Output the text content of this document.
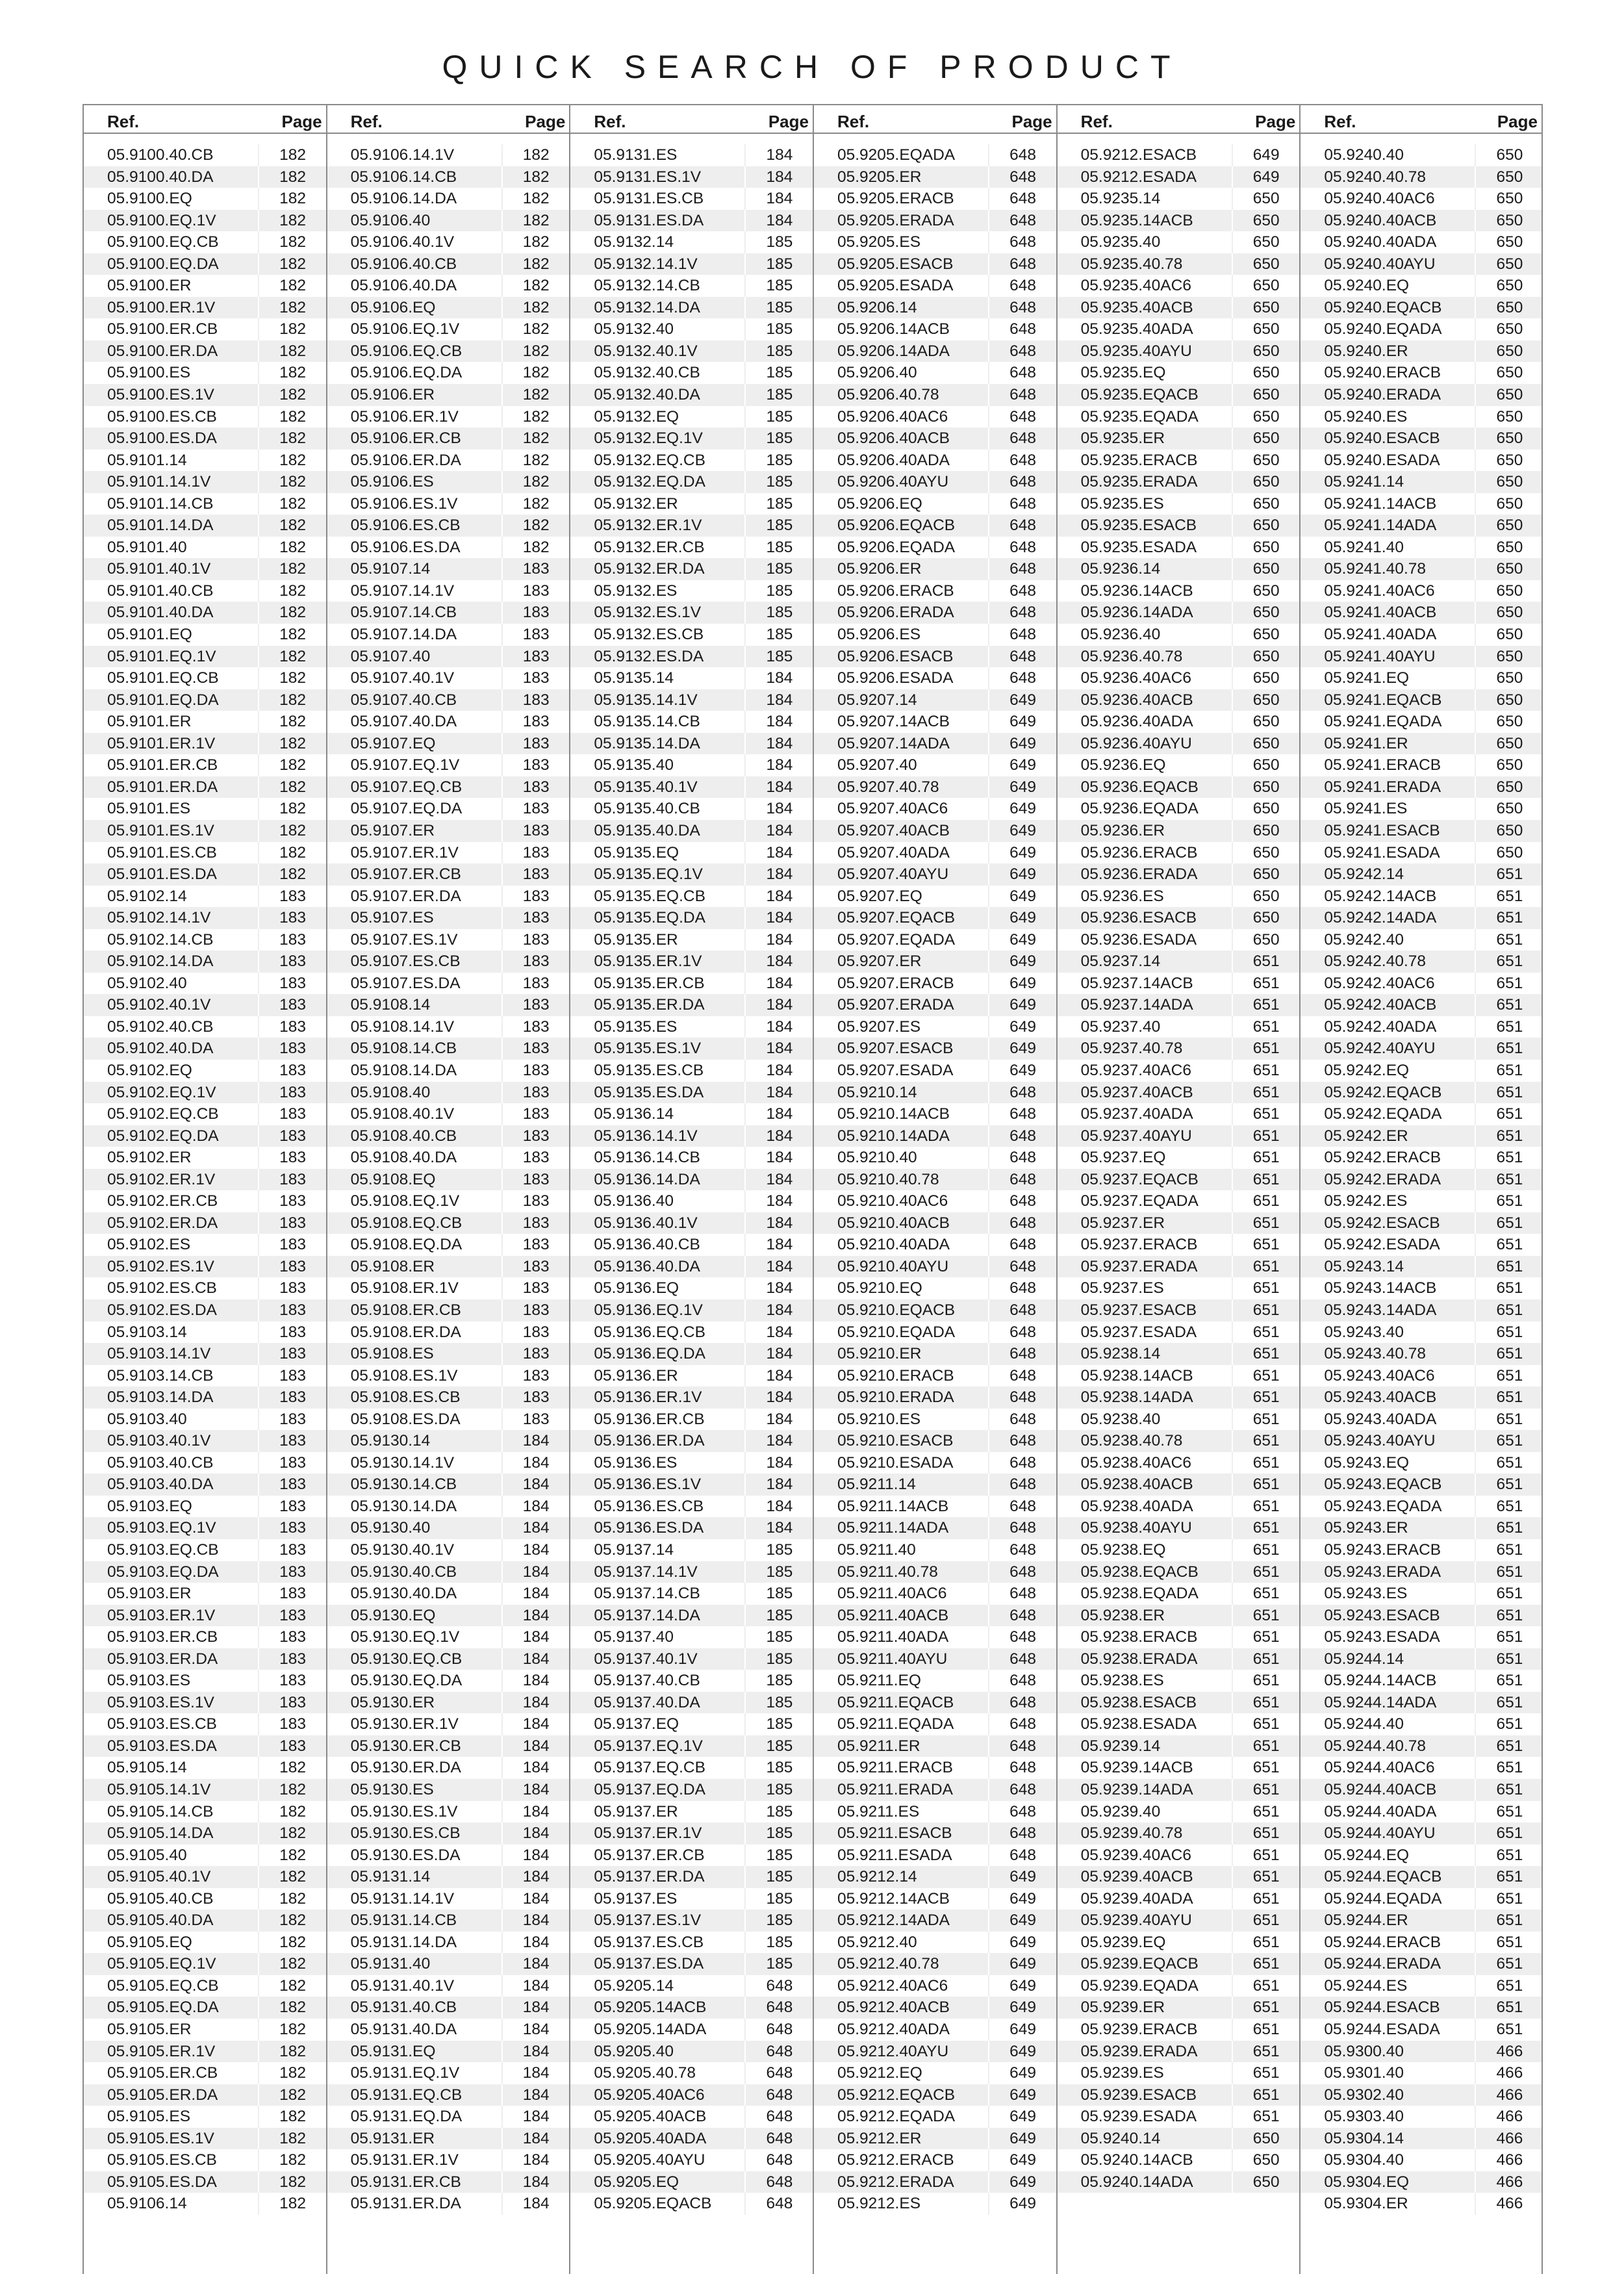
QUICK SEARCH OF PRODUCT
Ref.	Page
05.9100.40.CB	182
05.9100.40.DA	182
05.9100.EQ	182
05.9100.EQ.1V	182
05.9100.EQ.CB	182
05.9100.EQ.DA	182
05.9100.ER	182
05.9100.ER.1V	182
05.9100.ER.CB	182
05.9100.ER.DA	182
05.9100.ES	182
05.9100.ES.1V	182
05.9100.ES.CB	182
05.9100.ES.DA	182
05.9101.14	182
05.9101.14.1V	182
05.9101.14.CB	182
05.9101.14.DA	182
05.9101.40	182
05.9101.40.1V	182
05.9101.40.CB	182
05.9101.40.DA	182
05.9101.EQ	182
05.9101.EQ.1V	182
05.9101.EQ.CB	182
05.9101.EQ.DA	182
05.9101.ER	182
05.9101.ER.1V	182
05.9101.ER.CB	182
05.9101.ER.DA	182
05.9101.ES	182
05.9101.ES.1V	182
05.9101.ES.CB	182
05.9101.ES.DA	182
05.9102.14	183
05.9102.14.1V	183
05.9102.14.CB	183
05.9102.14.DA	183
05.9102.40	183
05.9102.40.1V	183
05.9102.40.CB	183
05.9102.40.DA	183
05.9102.EQ	183
05.9102.EQ.1V	183
05.9102.EQ.CB	183
05.9102.EQ.DA	183
05.9102.ER	183
05.9102.ER.1V	183
05.9102.ER.CB	183
05.9102.ER.DA	183
05.9102.ES	183
05.9102.ES.1V	183
05.9102.ES.CB	183
05.9102.ES.DA	183
05.9103.14	183
05.9103.14.1V	183
05.9103.14.CB	183
05.9103.14.DA	183
05.9103.40	183
05.9103.40.1V	183
05.9103.40.CB	183
05.9103.40.DA	183
05.9103.EQ	183
05.9103.EQ.1V	183
05.9103.EQ.CB	183
05.9103.EQ.DA	183
05.9103.ER	183
05.9103.ER.1V	183
05.9103.ER.CB	183
05.9103.ER.DA	183
05.9103.ES	183
05.9103.ES.1V	183
05.9103.ES.CB	183
05.9103.ES.DA	183
05.9105.14	182
05.9105.14.1V	182
05.9105.14.CB	182
05.9105.14.DA	182
05.9105.40	182
05.9105.40.1V	182
05.9105.40.CB	182
05.9105.40.DA	182
05.9105.EQ	182
05.9105.EQ.1V	182
05.9105.EQ.CB	182
05.9105.EQ.DA	182
05.9105.ER	182
05.9105.ER.1V	182
05.9105.ER.CB	182
05.9105.ER.DA	182
05.9105.ES	182
05.9105.ES.1V	182
05.9105.ES.CB	182
05.9105.ES.DA	182
05.9106.14	182
Ref.	Page
05.9106.14.1V	182
05.9106.14.CB	182
05.9106.14.DA	182
05.9106.40	182
05.9106.40.1V	182
05.9106.40.CB	182
05.9106.40.DA	182
05.9106.EQ	182
05.9106.EQ.1V	182
05.9106.EQ.CB	182
05.9106.EQ.DA	182
05.9106.ER	182
05.9106.ER.1V	182
05.9106.ER.CB	182
05.9106.ER.DA	182
05.9106.ES	182
05.9106.ES.1V	182
05.9106.ES.CB	182
05.9106.ES.DA	182
05.9107.14	183
05.9107.14.1V	183
05.9107.14.CB	183
05.9107.14.DA	183
05.9107.40	183
05.9107.40.1V	183
05.9107.40.CB	183
05.9107.40.DA	183
05.9107.EQ	183
05.9107.EQ.1V	183
05.9107.EQ.CB	183
05.9107.EQ.DA	183
05.9107.ER	183
05.9107.ER.1V	183
05.9107.ER.CB	183
05.9107.ER.DA	183
05.9107.ES	183
05.9107.ES.1V	183
05.9107.ES.CB	183
05.9107.ES.DA	183
05.9108.14	183
05.9108.14.1V	183
05.9108.14.CB	183
05.9108.14.DA	183
05.9108.40	183
05.9108.40.1V	183
05.9108.40.CB	183
05.9108.40.DA	183
05.9108.EQ	183
05.9108.EQ.1V	183
05.9108.EQ.CB	183
05.9108.EQ.DA	183
05.9108.ER	183
05.9108.ER.1V	183
05.9108.ER.CB	183
05.9108.ER.DA	183
05.9108.ES	183
05.9108.ES.1V	183
05.9108.ES.CB	183
05.9108.ES.DA	183
05.9130.14	184
05.9130.14.1V	184
05.9130.14.CB	184
05.9130.14.DA	184
05.9130.40	184
05.9130.40.1V	184
05.9130.40.CB	184
05.9130.40.DA	184
05.9130.EQ	184
05.9130.EQ.1V	184
05.9130.EQ.CB	184
05.9130.EQ.DA	184
05.9130.ER	184
05.9130.ER.1V	184
05.9130.ER.CB	184
05.9130.ER.DA	184
05.9130.ES	184
05.9130.ES.1V	184
05.9130.ES.CB	184
05.9130.ES.DA	184
05.9131.14	184
05.9131.14.1V	184
05.9131.14.CB	184
05.9131.14.DA	184
05.9131.40	184
05.9131.40.1V	184
05.9131.40.CB	184
05.9131.40.DA	184
05.9131.EQ	184
05.9131.EQ.1V	184
05.9131.EQ.CB	184
05.9131.EQ.DA	184
05.9131.ER	184
05.9131.ER.1V	184
05.9131.ER.CB	184
05.9131.ER.DA	184
Ref.	Page
05.9131.ES	184
05.9131.ES.1V	184
05.9131.ES.CB	184
05.9131.ES.DA	184
05.9132.14	185
05.9132.14.1V	185
05.9132.14.CB	185
05.9132.14.DA	185
05.9132.40	185
05.9132.40.1V	185
05.9132.40.CB	185
05.9132.40.DA	185
05.9132.EQ	185
05.9132.EQ.1V	185
05.9132.EQ.CB	185
05.9132.EQ.DA	185
05.9132.ER	185
05.9132.ER.1V	185
05.9132.ER.CB	185
05.9132.ER.DA	185
05.9132.ES	185
05.9132.ES.1V	185
05.9132.ES.CB	185
05.9132.ES.DA	185
05.9135.14	184
05.9135.14.1V	184
05.9135.14.CB	184
05.9135.14.DA	184
05.9135.40	184
05.9135.40.1V	184
05.9135.40.CB	184
05.9135.40.DA	184
05.9135.EQ	184
05.9135.EQ.1V	184
05.9135.EQ.CB	184
05.9135.EQ.DA	184
05.9135.ER	184
05.9135.ER.1V	184
05.9135.ER.CB	184
05.9135.ER.DA	184
05.9135.ES	184
05.9135.ES.1V	184
05.9135.ES.CB	184
05.9135.ES.DA	184
05.9136.14	184
05.9136.14.1V	184
05.9136.14.CB	184
05.9136.14.DA	184
05.9136.40	184
05.9136.40.1V	184
05.9136.40.CB	184
05.9136.40.DA	184
05.9136.EQ	184
05.9136.EQ.1V	184
05.9136.EQ.CB	184
05.9136.EQ.DA	184
05.9136.ER	184
05.9136.ER.1V	184
05.9136.ER.CB	184
05.9136.ER.DA	184
05.9136.ES	184
05.9136.ES.1V	184
05.9136.ES.CB	184
05.9136.ES.DA	184
05.9137.14	185
05.9137.14.1V	185
05.9137.14.CB	185
05.9137.14.DA	185
05.9137.40	185
05.9137.40.1V	185
05.9137.40.CB	185
05.9137.40.DA	185
05.9137.EQ	185
05.9137.EQ.1V	185
05.9137.EQ.CB	185
05.9137.EQ.DA	185
05.9137.ER	185
05.9137.ER.1V	185
05.9137.ER.CB	185
05.9137.ER.DA	185
05.9137.ES	185
05.9137.ES.1V	185
05.9137.ES.CB	185
05.9137.ES.DA	185
05.9205.14	648
05.9205.14ACB	648
05.9205.14ADA	648
05.9205.40	648
05.9205.40.78	648
05.9205.40AC6	648
05.9205.40ACB	648
05.9205.40ADA	648
05.9205.40AYU	648
05.9205.EQ	648
05.9205.EQACB	648
Ref.	Page
05.9205.EQADA	648
05.9205.ER	648
05.9205.ERACB	648
05.9205.ERADA	648
05.9205.ES	648
05.9205.ESACB	648
05.9205.ESADA	648
05.9206.14	648
05.9206.14ACB	648
05.9206.14ADA	648
05.9206.40	648
05.9206.40.78	648
05.9206.40AC6	648
05.9206.40ACB	648
05.9206.40ADA	648
05.9206.40AYU	648
05.9206.EQ	648
05.9206.EQACB	648
05.9206.EQADA	648
05.9206.ER	648
05.9206.ERACB	648
05.9206.ERADA	648
05.9206.ES	648
05.9206.ESACB	648
05.9206.ESADA	648
05.9207.14	649
05.9207.14ACB	649
05.9207.14ADA	649
05.9207.40	649
05.9207.40.78	649
05.9207.40AC6	649
05.9207.40ACB	649
05.9207.40ADA	649
05.9207.40AYU	649
05.9207.EQ	649
05.9207.EQACB	649
05.9207.EQADA	649
05.9207.ER	649
05.9207.ERACB	649
05.9207.ERADA	649
05.9207.ES	649
05.9207.ESACB	649
05.9207.ESADA	649
05.9210.14	648
05.9210.14ACB	648
05.9210.14ADA	648
05.9210.40	648
05.9210.40.78	648
05.9210.40AC6	648
05.9210.40ACB	648
05.9210.40ADA	648
05.9210.40AYU	648
05.9210.EQ	648
05.9210.EQACB	648
05.9210.EQADA	648
05.9210.ER	648
05.9210.ERACB	648
05.9210.ERADA	648
05.9210.ES	648
05.9210.ESACB	648
05.9210.ESADA	648
05.9211.14	648
05.9211.14ACB	648
05.9211.14ADA	648
05.9211.40	648
05.9211.40.78	648
05.9211.40AC6	648
05.9211.40ACB	648
05.9211.40ADA	648
05.9211.40AYU	648
05.9211.EQ	648
05.9211.EQACB	648
05.9211.EQADA	648
05.9211.ER	648
05.9211.ERACB	648
05.9211.ERADA	648
05.9211.ES	648
05.9211.ESACB	648
05.9211.ESADA	648
05.9212.14	649
05.9212.14ACB	649
05.9212.14ADA	649
05.9212.40	649
05.9212.40.78	649
05.9212.40AC6	649
05.9212.40ACB	649
05.9212.40ADA	649
05.9212.40AYU	649
05.9212.EQ	649
05.9212.EQACB	649
05.9212.EQADA	649
05.9212.ER	649
05.9212.ERACB	649
05.9212.ERADA	649
05.9212.ES	649
Ref.	Page
05.9212.ESACB	649
05.9212.ESADA	649
05.9235.14	650
05.9235.14ACB	650
05.9235.40	650
05.9235.40.78	650
05.9235.40AC6	650
05.9235.40ACB	650
05.9235.40ADA	650
05.9235.40AYU	650
05.9235.EQ	650
05.9235.EQACB	650
05.9235.EQADA	650
05.9235.ER	650
05.9235.ERACB	650
05.9235.ERADA	650
05.9235.ES	650
05.9235.ESACB	650
05.9235.ESADA	650
05.9236.14	650
05.9236.14ACB	650
05.9236.14ADA	650
05.9236.40	650
05.9236.40.78	650
05.9236.40AC6	650
05.9236.40ACB	650
05.9236.40ADA	650
05.9236.40AYU	650
05.9236.EQ	650
05.9236.EQACB	650
05.9236.EQADA	650
05.9236.ER	650
05.9236.ERACB	650
05.9236.ERADA	650
05.9236.ES	650
05.9236.ESACB	650
05.9236.ESADA	650
05.9237.14	651
05.9237.14ACB	651
05.9237.14ADA	651
05.9237.40	651
05.9237.40.78	651
05.9237.40AC6	651
05.9237.40ACB	651
05.9237.40ADA	651
05.9237.40AYU	651
05.9237.EQ	651
05.9237.EQACB	651
05.9237.EQADA	651
05.9237.ER	651
05.9237.ERACB	651
05.9237.ERADA	651
05.9237.ES	651
05.9237.ESACB	651
05.9237.ESADA	651
05.9238.14	651
05.9238.14ACB	651
05.9238.14ADA	651
05.9238.40	651
05.9238.40.78	651
05.9238.40AC6	651
05.9238.40ACB	651
05.9238.40ADA	651
05.9238.40AYU	651
05.9238.EQ	651
05.9238.EQACB	651
05.9238.EQADA	651
05.9238.ER	651
05.9238.ERACB	651
05.9238.ERADA	651
05.9238.ES	651
05.9238.ESACB	651
05.9238.ESADA	651
05.9239.14	651
05.9239.14ACB	651
05.9239.14ADA	651
05.9239.40	651
05.9239.40.78	651
05.9239.40AC6	651
05.9239.40ACB	651
05.9239.40ADA	651
05.9239.40AYU	651
05.9239.EQ	651
05.9239.EQACB	651
05.9239.EQADA	651
05.9239.ER	651
05.9239.ERACB	651
05.9239.ERADA	651
05.9239.ES	651
05.9239.ESACB	651
05.9239.ESADA	651
05.9240.14	650
05.9240.14ACB	650
05.9240.14ADA	650
Ref.	Page
05.9240.40	650
05.9240.40.78	650
05.9240.40AC6	650
05.9240.40ACB	650
05.9240.40ADA	650
05.9240.40AYU	650
05.9240.EQ	650
05.9240.EQACB	650
05.9240.EQADA	650
05.9240.ER	650
05.9240.ERACB	650
05.9240.ERADA	650
05.9240.ES	650
05.9240.ESACB	650
05.9240.ESADA	650
05.9241.14	650
05.9241.14ACB	650
05.9241.14ADA	650
05.9241.40	650
05.9241.40.78	650
05.9241.40AC6	650
05.9241.40ACB	650
05.9241.40ADA	650
05.9241.40AYU	650
05.9241.EQ	650
05.9241.EQACB	650
05.9241.EQADA	650
05.9241.ER	650
05.9241.ERACB	650
05.9241.ERADA	650
05.9241.ES	650
05.9241.ESACB	650
05.9241.ESADA	650
05.9242.14	651
05.9242.14ACB	651
05.9242.14ADA	651
05.9242.40	651
05.9242.40.78	651
05.9242.40AC6	651
05.9242.40ACB	651
05.9242.40ADA	651
05.9242.40AYU	651
05.9242.EQ	651
05.9242.EQACB	651
05.9242.EQADA	651
05.9242.ER	651
05.9242.ERACB	651
05.9242.ERADA	651
05.9242.ES	651
05.9242.ESACB	651
05.9242.ESADA	651
05.9243.14	651
05.9243.14ACB	651
05.9243.14ADA	651
05.9243.40	651
05.9243.40.78	651
05.9243.40AC6	651
05.9243.40ACB	651
05.9243.40ADA	651
05.9243.40AYU	651
05.9243.EQ	651
05.9243.EQACB	651
05.9243.EQADA	651
05.9243.ER	651
05.9243.ERACB	651
05.9243.ERADA	651
05.9243.ES	651
05.9243.ESACB	651
05.9243.ESADA	651
05.9244.14	651
05.9244.14ACB	651
05.9244.14ADA	651
05.9244.40	651
05.9244.40.78	651
05.9244.40AC6	651
05.9244.40ACB	651
05.9244.40ADA	651
05.9244.40AYU	651
05.9244.EQ	651
05.9244.EQACB	651
05.9244.EQADA	651
05.9244.ER	651
05.9244.ERACB	651
05.9244.ERADA	651
05.9244.ES	651
05.9244.ESACB	651
05.9244.ESADA	651
05.9300.40	466
05.9301.40	466
05.9302.40	466
05.9303.40	466
05.9304.14	466
05.9304.40	466
05.9304.EQ	466
05.9304.ER	466
